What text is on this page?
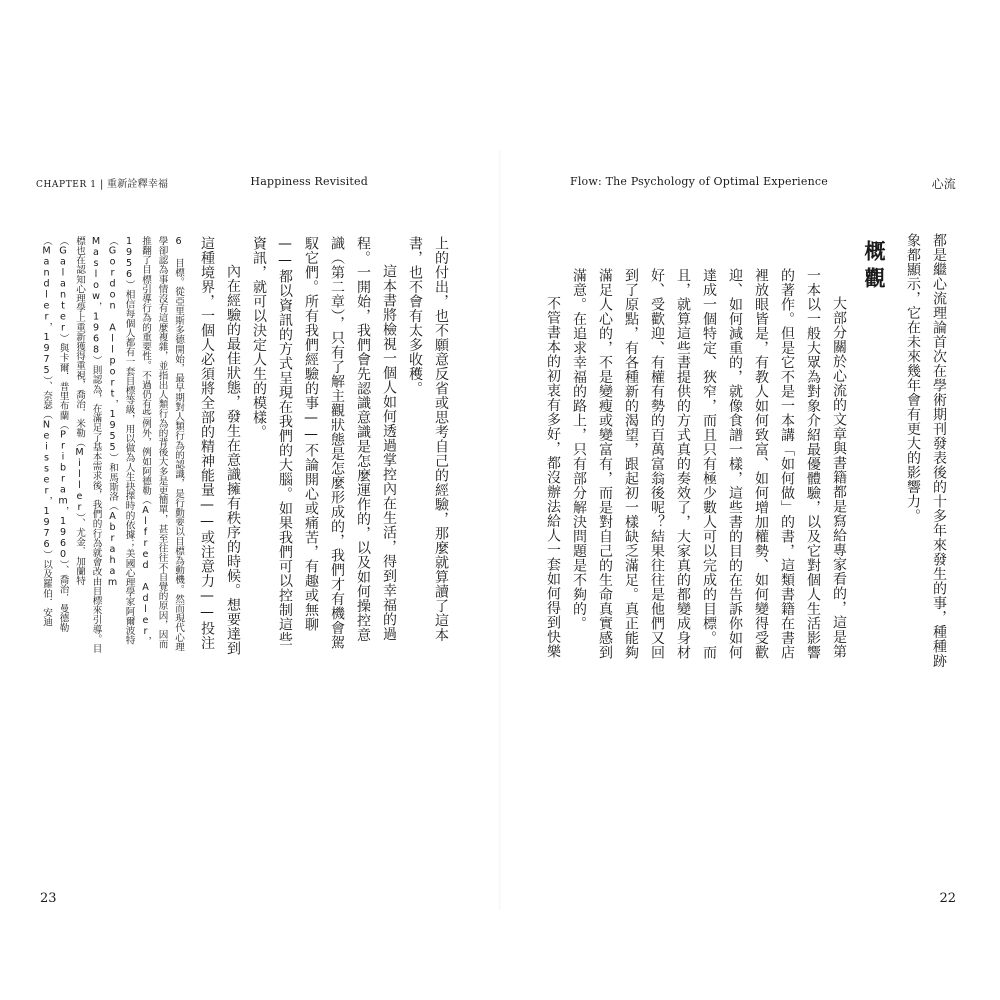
CHAPTER 1 | 重新詮釋幸福	Happiness Revisited

上的付出，也不願意反省或思考自己的經驗，那麼就算讀了這本書，也不會有太多收穫。

這本書將檢視一個人如何透過掌控內在生活，得到幸福的過程。一開始，我們會先認識意識是怎麼運作的，以及如何操控意識（第二章），只有了解主觀狀態是怎麼形成的，我們才有機會駕馭它們。所有我們經驗的事——不論開心或痛苦，有趣或無聊——都以資訊的方式呈現在我們的大腦。如果我們可以控制這些資訊，就可以決定人生的模樣。

內在經驗的最佳狀態，發生在意識擁有秩序的時候。想要達到這種境界，一個人必須將全部的精神能量——或注意力——投注

6 目標。從亞里斯多德開始，最早期對人類行為的認識，是行動要以目標為動機。然而現代心理學卻認為事情沒有這麼複雜，並指出人類行為的背後大多是更簡單，甚至往往不自覺的原因，因而推翻了目標引導行為的重要性。不過仍有些例外，例如阿德勒（Alfred Adler，1956）相信每個人都有一套目標等級，用以做為人生抉擇時的依據；美國心理學家阿爾波特（Gordon Allport，1955）和馬斯洛（Abraham Maslow，1968）則認為，在滿足了基本需求後，我們的行為就會改由目標來引導。目標也在認知心理學上重新獲得重視，喬治．米勒（Miller）、尤金．加蘭特（Galanter）與卡爾．普里布蘭（Pribram，1960）、喬治．曼德勒（Mandler，1975）、奈瑟（Neisser，1976）以及羅伯．安迪

23
Flow: The Psychology of Optimal Experience	心流

都是繼心流理論首次在學術期刊發表後的十多年來發生的事，種種跡象都顯示，它在未來幾年會有更大的影響力。

概觀

大部分關於心流的文章與書籍都是寫給專家看的，這是第一本以一般大眾為對象介紹最優體驗，以及它對個人生活影響的著作。但是它不是一本講「如何做」的書，這類書籍在書店裡放眼皆是，有教人如何致富、如何增加權勢、如何變得受歡迎、如何減重的，就像食譜一樣，這些書的目的在告訴你如何達成一個特定、狹窄，而且只有極少數人可以完成的目標。而且，就算這些書提供的方式真的奏效了，大家真的都變成身材好、受歡迎、有權有勢的百萬富翁後呢？結果往往是他們又回到了原點，有各種新的渴望，跟起初一樣缺乏滿足。真正能夠滿足人心的，不是變瘦或變富有，而是對自己的生命真實感到滿意。在追求幸福的路上，只有部分解決問題是不夠的。

不管書本的初衷有多好，都沒辦法給人一套如何得到快樂

22
